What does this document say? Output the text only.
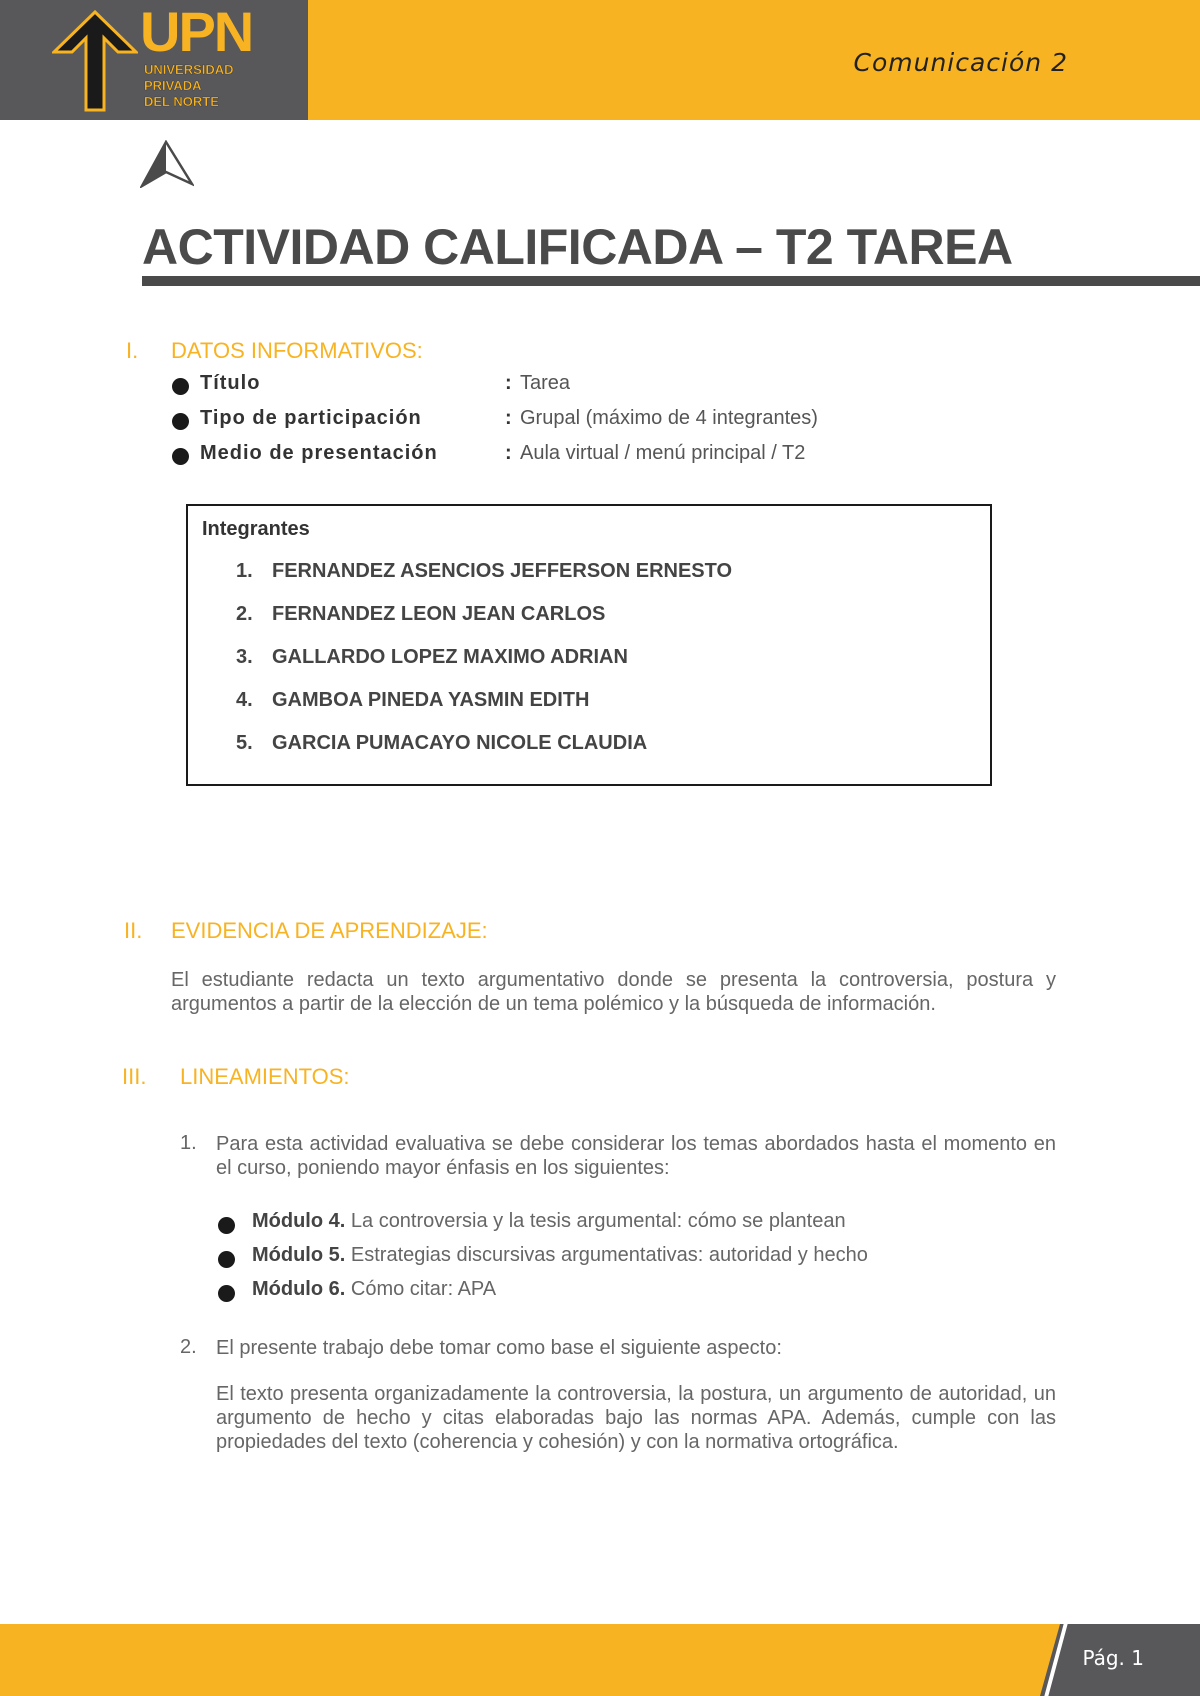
UPN
UNIVERSIDAD
PRIVADA
DEL NORTE
Comunicación 2
ACTIVIDAD CALIFICADA – T2 TAREA
I. DATOS INFORMATIVOS:
Título	: Tarea
Tipo de participación	: Grupal (máximo de 4 integrantes)
Medio de presentación	: Aula virtual / menú principal / T2
Integrantes
1. FERNANDEZ ASENCIOS JEFFERSON ERNESTO
2. FERNANDEZ LEON JEAN CARLOS
3. GALLARDO LOPEZ MAXIMO ADRIAN
4. GAMBOA PINEDA YASMIN EDITH
5. GARCIA PUMACAYO NICOLE CLAUDIA
II. EVIDENCIA DE APRENDIZAJE:
El estudiante redacta un texto argumentativo donde se presenta la controversia, postura y argumentos a partir de la elección de un tema polémico y la búsqueda de información.
III. LINEAMIENTOS:
1. Para esta actividad evaluativa se debe considerar los temas abordados hasta el momento en el curso, poniendo mayor énfasis en los siguientes:
Módulo 4. La controversia y la tesis argumental: cómo se plantean
Módulo 5. Estrategias discursivas argumentativas: autoridad y hecho
Módulo 6. Cómo citar: APA
2. El presente trabajo debe tomar como base el siguiente aspecto:
El texto presenta organizadamente la controversia, la postura, un argumento de autoridad, un argumento de hecho y citas elaboradas bajo las normas APA. Además, cumple con las propiedades del texto (coherencia y cohesión) y con la normativa ortográfica.
Pág. 1
